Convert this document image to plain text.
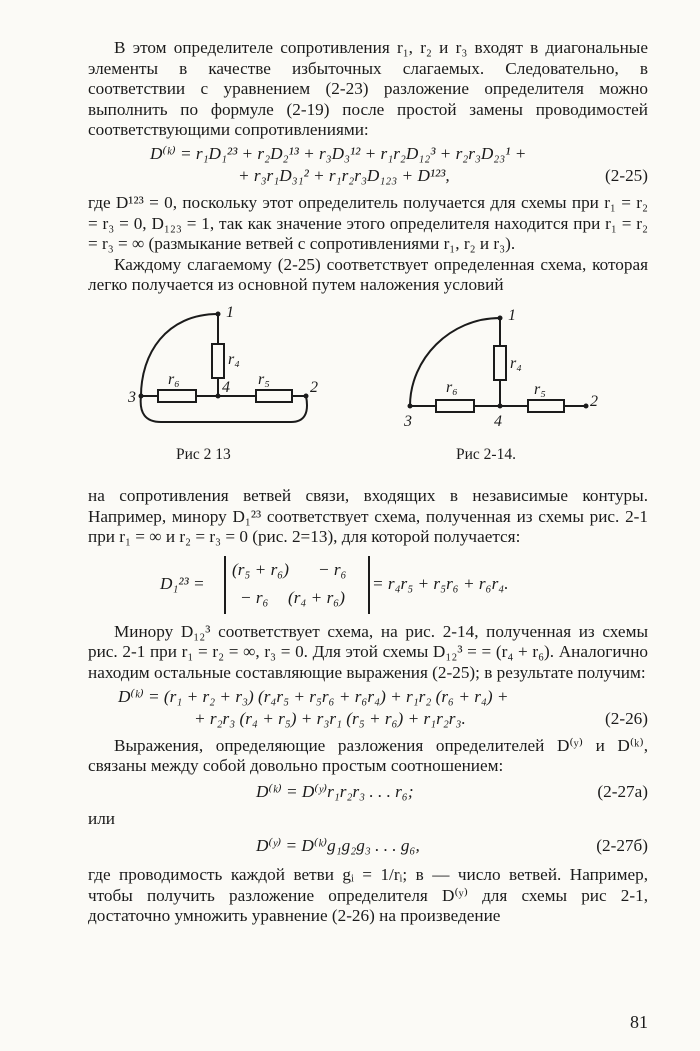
В этом определителе сопротивления r₁, r₂ и r₃ входят в диагональные элементы в качестве избыточных слагаемых. Следовательно, в соответствии с уравнением (2-23) разложение определителя можно выполнить по формуле (2-19) после простой замены проводимостей соответствующими сопротивлениями:

D⁽ᵏ⁾ = r₁D₁²³ + r₂D₂¹³ + r₃D₃¹² + r₁r₂D₁₂³ + r₂r₃D₂₃¹ +
+ r₃r₁D₃₁² + r₁r₂r₃D₁₂₃ + D¹²³,	(2-25)

где D¹²³ = 0, поскольку этот определитель получается для схемы при r₁ = r₂ = r₃ = 0, D₁₂₃ = 1, так как значение этого определителя находится при r₁ = r₂ = r₃ = ∞ (размыкание ветвей с сопротивлениями r₁, r₂ и r₃).

Каждому слагаемому (2-25) соответствует определенная схема, которая легко получается из основной путем наложения условий

1
r₄
r₆	r₅
4
3
2
Рис 2 13
1
r₄
r₆	r₅
4
3
2
Рис 2-14.

на сопротивления ветвей связи, входящих в независимые контуры. Например, минору D₁²³ соответствует схема, полученная из схемы рис. 2-1 при r₁ = ∞ и r₂ = r₃ = 0 (рис. 2=13), для которой получается:

D₁²³ =
(r₅ + r₆) − r₆
− r₆ (r₄ + r₆)
= r₄r₅ + r₅r₆ + r₆r₄.

Минору D₁₂³ соответствует схема, на рис. 2-14, полученная из схемы рис. 2-1 при r₁ = r₂ = ∞, r₃ = 0. Для этой схемы D₁₂³ = = (r₄ + r₆). Аналогично находим остальные составляющие выражения (2-25); в результате получим:

D⁽ᵏ⁾ = (r₁ + r₂ + r₃) (r₄r₅ + r₅r₆ + r₆r₄) + r₁r₂ (r₆ + r₄) +
+ r₂r₃ (r₄ + r₅) + r₃r₁ (r₅ + r₆) + r₁r₂r₃.	(2-26)

Выражения, определяющие разложения определителей D⁽ʸ⁾ и D⁽ᵏ⁾, связаны между собой довольно простым соотношением:

D⁽ᵏ⁾ = D⁽ʸ⁾r₁r₂r₃ . . . r₆;	(2-27а)

или

D⁽ʸ⁾ = D⁽ᵏ⁾g₁g₂g₃ . . . g₆,	(2-27б)

где проводимость каждой ветви gᵢ = 1/rᵢ; в — число ветвей. Например, чтобы получить разложение определителя D⁽ʸ⁾ для схемы рис 2-1, достаточно умножить уравнение (2-26) на произведение

81
